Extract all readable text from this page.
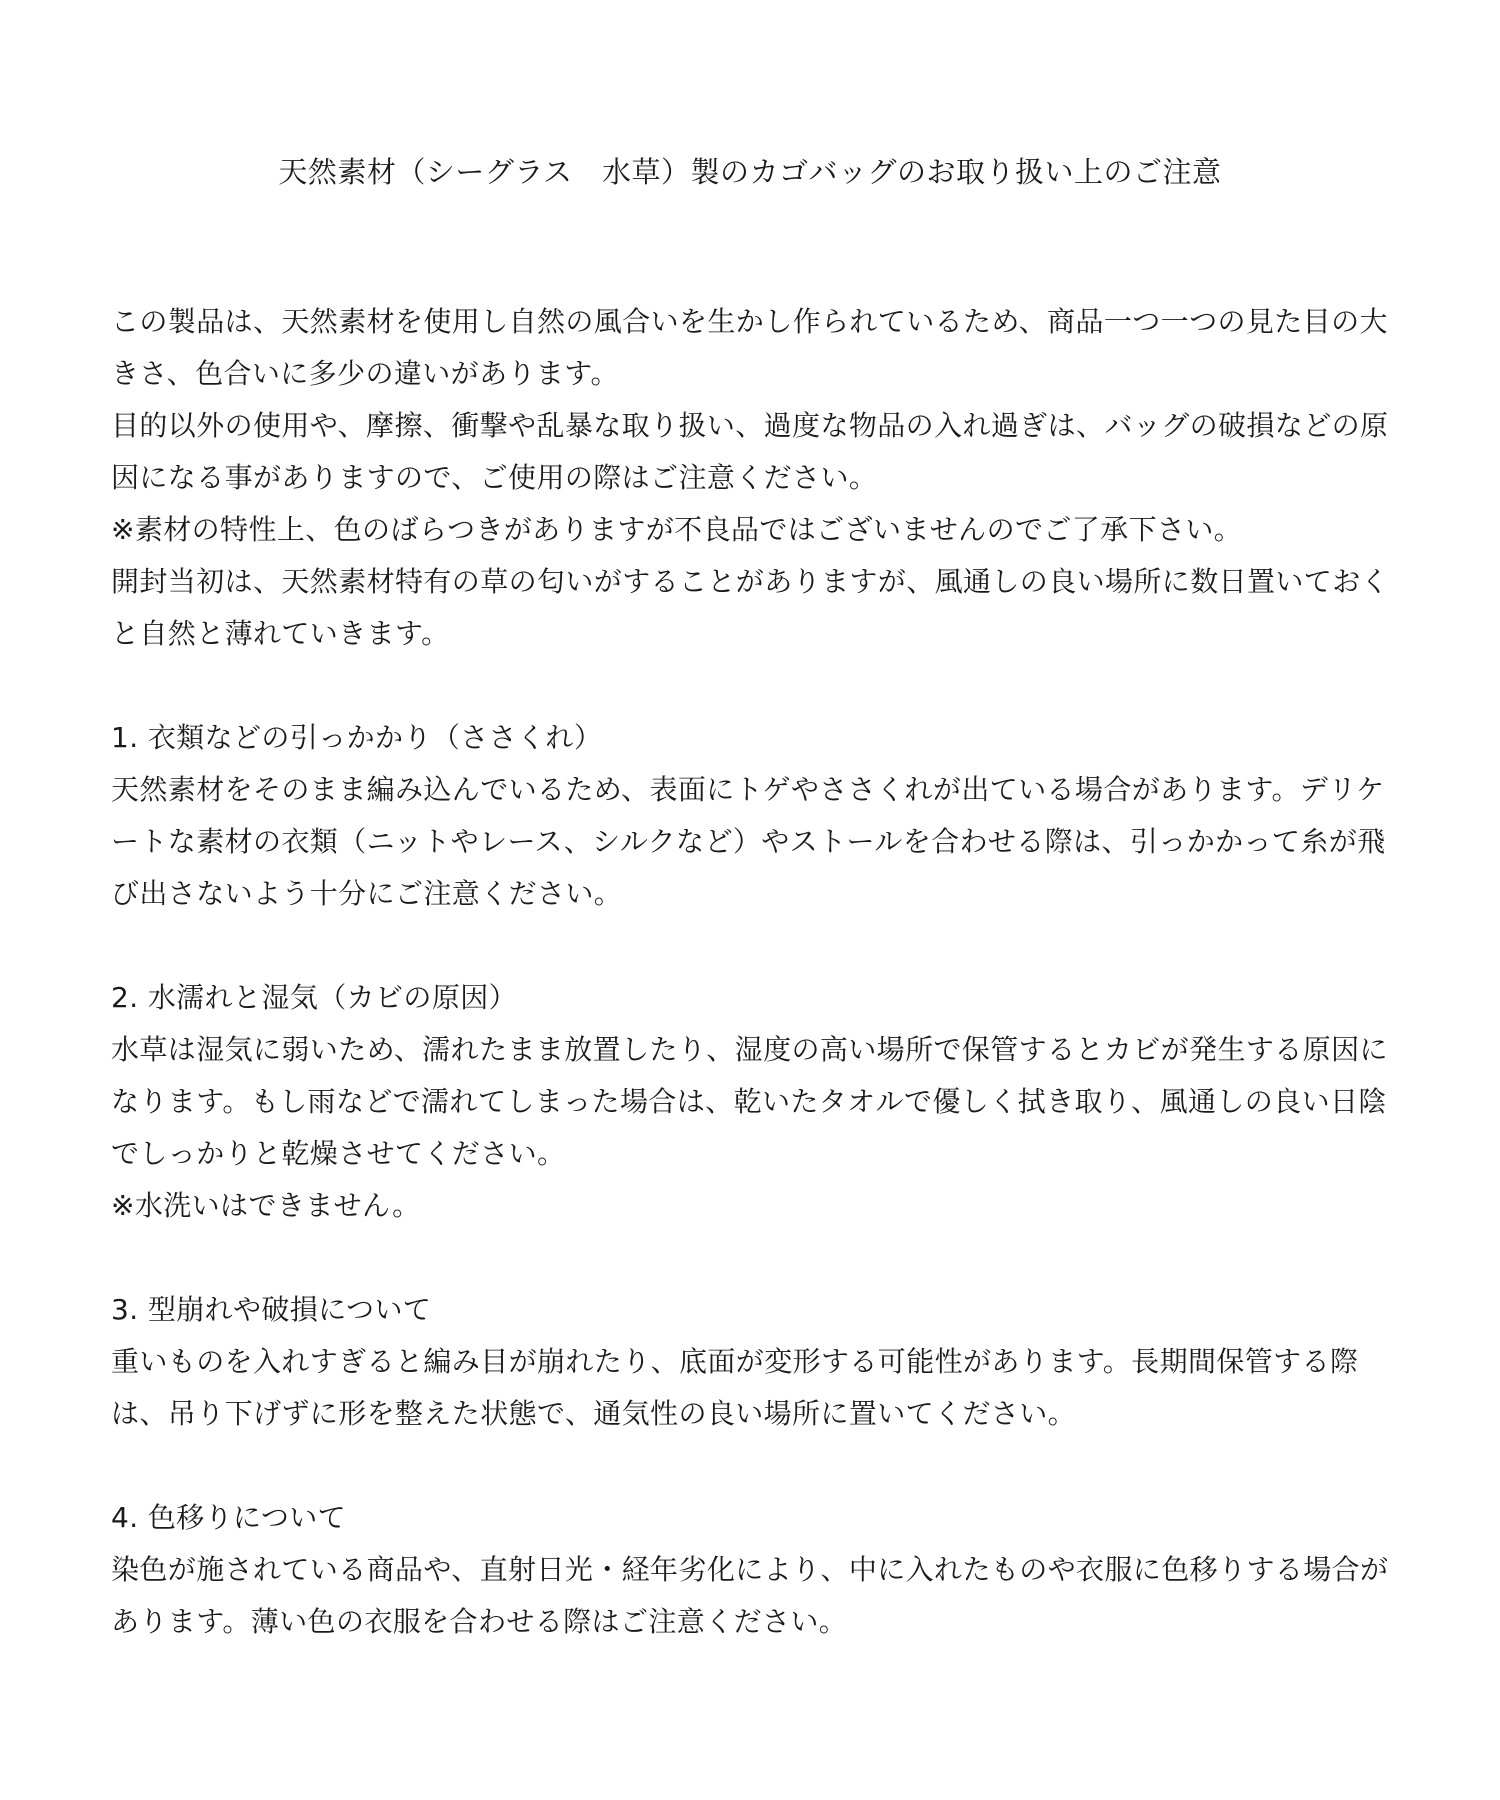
天然素材（シーグラス　水草）製のカゴバッグのお取り扱い上のご注意

この製品は、天然素材を使用し自然の風合いを生かし作られているため、商品一つ一つの見た目の大きさ、色合いに多少の違いがあります。

目的以外の使用や、摩擦、衝撃や乱暴な取り扱い、過度な物品の入れ過ぎは、バッグの破損などの原因になる事がありますので、ご使用の際はご注意ください。

※素材の特性上、色のばらつきがありますが不良品ではございませんのでご了承下さい。

開封当初は、天然素材特有の草の匂いがすることがありますが、風通しの良い場所に数日置いておくと自然と薄れていきます。

1. 衣類などの引っかかり（ささくれ）

天然素材をそのまま編み込んでいるため、表面にトゲやささくれが出ている場合があります。デリケートな素材の衣類（ニットやレース、シルクなど）やストールを合わせる際は、引っかかって糸が飛び出さないよう十分にご注意ください。

2. 水濡れと湿気（カビの原因）

水草は湿気に弱いため、濡れたまま放置したり、湿度の高い場所で保管するとカビが発生する原因になります。もし雨などで濡れてしまった場合は、乾いたタオルで優しく拭き取り、風通しの良い日陰でしっかりと乾燥させてください。

※水洗いはできません。

3. 型崩れや破損について

重いものを入れすぎると編み目が崩れたり、底面が変形する可能性があります。長期間保管する際は、吊り下げずに形を整えた状態で、通気性の良い場所に置いてください。

4. 色移りについて

染色が施されている商品や、直射日光・経年劣化により、中に入れたものや衣服に色移りする場合があります。薄い色の衣服を合わせる際はご注意ください。
